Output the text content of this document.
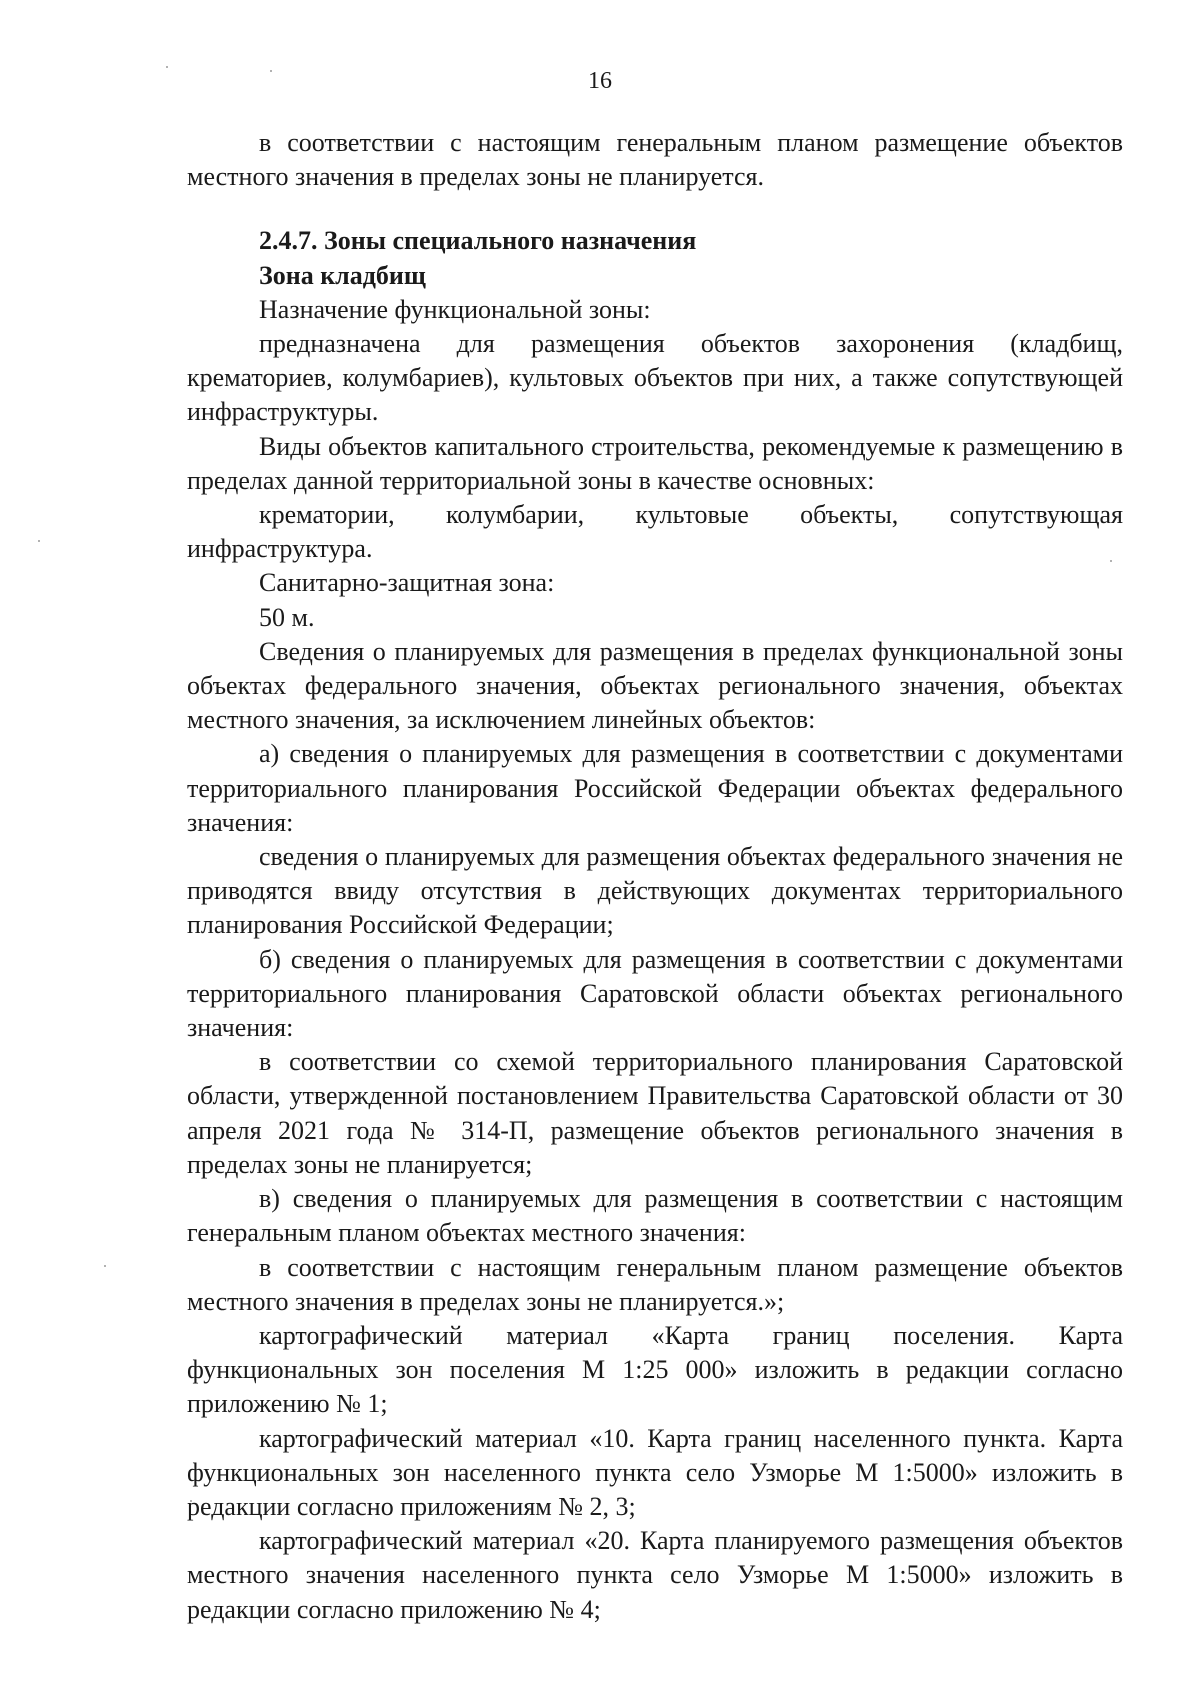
16

в соответствии с настоящим генеральным планом размещение объектов местного значения в пределах зоны не планируется.

2.4.7. Зоны специального назначения

Зона кладбищ

Назначение функциональной зоны:

предназначена для размещения объектов захоронения (кладбищ, крематориев, колумбариев), культовых объектов при них, а также сопутствующей инфраструктуры.

Виды объектов капитального строительства, рекомендуемые к размещению в пределах данной территориальной зоны в качестве основных:

крематории, колумбарии, культовые объекты, сопутствующая инфраструктура.

Санитарно-защитная зона:

50 м.

Сведения о планируемых для размещения в пределах функциональной зоны объектах федерального значения, объектах регионального значения, объектах местного значения, за исключением линейных объектов:

а) сведения о планируемых для размещения в соответствии с документами территориального планирования Российской Федерации объектах федерального значения:

сведения о планируемых для размещения объектах федерального значения не приводятся ввиду отсутствия в действующих документах территориального планирования Российской Федерации;

б) сведения о планируемых для размещения в соответствии с документами территориального планирования Саратовской области объектах регионального значения:

в соответствии со схемой территориального планирования Саратовской области, утвержденной постановлением Правительства Саратовской области от 30 апреля 2021 года № 314-П, размещение объектов регионального значения в пределах зоны не планируется;

в) сведения о планируемых для размещения в соответствии с настоящим генеральным планом объектах местного значения:

в соответствии с настоящим генеральным планом размещение объектов местного значения в пределах зоны не планируется.»;

картографический материал «Карта границ поселения. Карта функциональных зон поселения М 1:25 000» изложить в редакции согласно приложению № 1;

картографический материал «10. Карта границ населенного пункта. Карта функциональных зон населенного пункта село Узморье М 1:5000» изложить в редакции согласно приложениям № 2, 3;

картографический материал «20. Карта планируемого размещения объектов местного значения населенного пункта село Узморье М 1:5000» изложить в редакции согласно приложению № 4;
